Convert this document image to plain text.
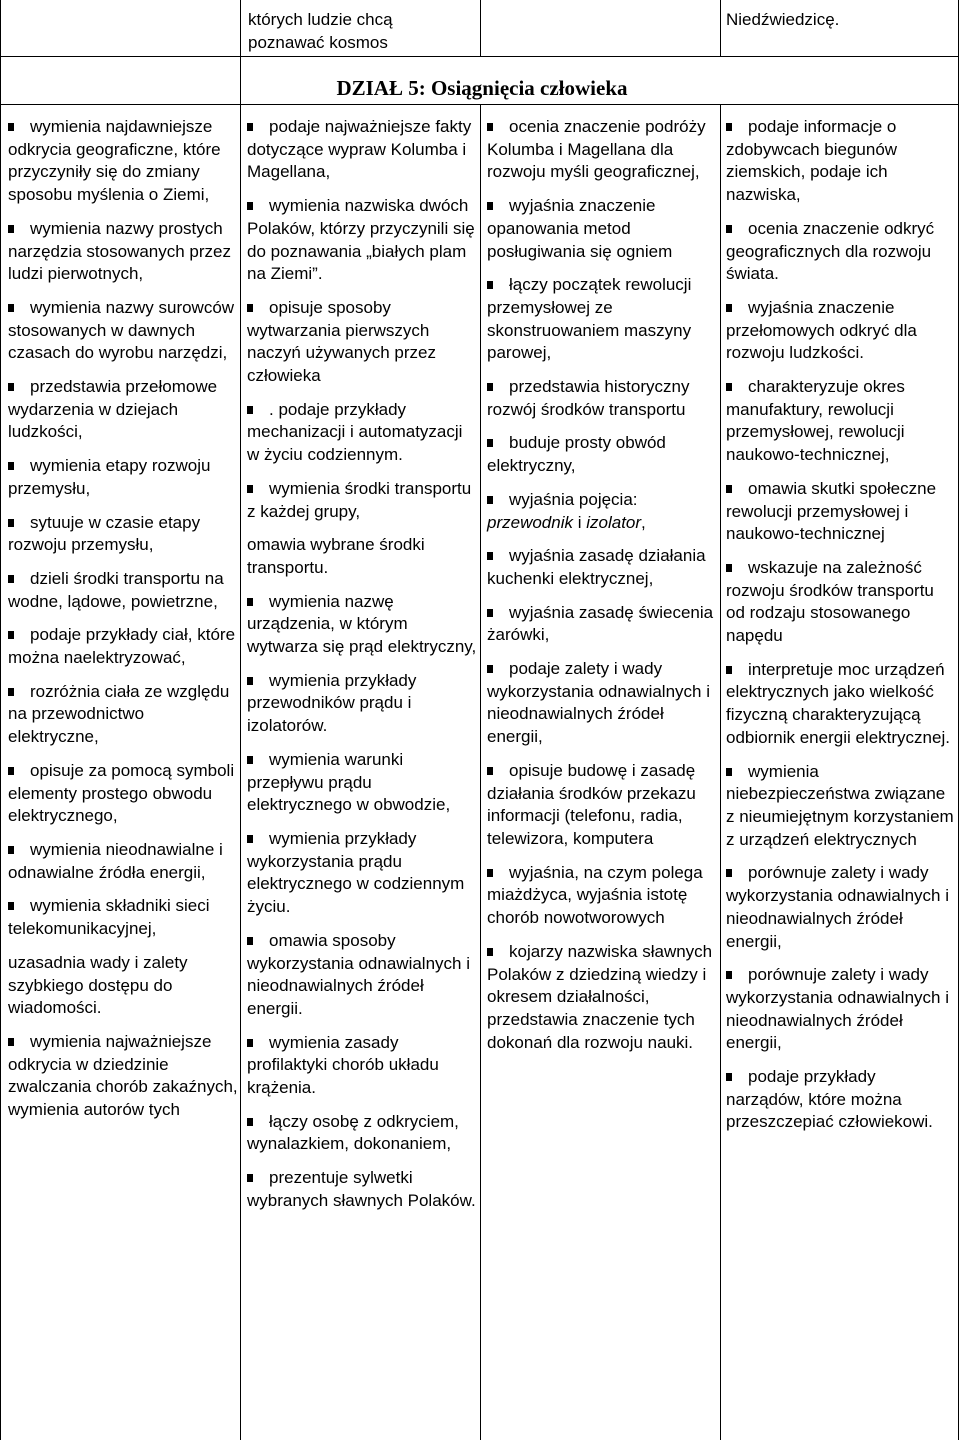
których ludzie chcą poznawać kosmos
Niedźwiedzicę.
DZIAŁ 5: Osiągnięcia człowieka
wymienia najdawniejsze odkrycia geograficzne, które przyczyniły się do zmiany sposobu myślenia o Ziemi,
wymienia nazwy prostych narzędzia stosowanych przez ludzi pierwotnych,
wymienia nazwy surowców stosowanych w dawnych czasach do wyrobu narzędzi,
przedstawia przełomowe wydarzenia w dziejach ludzkości,
wymienia etapy rozwoju przemysłu,
sytuuje w czasie etapy rozwoju przemysłu,
dzieli środki transportu na wodne, lądowe, powietrzne,
podaje przykłady ciał, które można naelektryzować,
rozróżnia ciała ze względu na przewodnictwo elektryczne,
opisuje za pomocą symboli elementy prostego obwodu elektrycznego,
wymienia nieodnawialne i odnawialne źródła energii,
wymienia składniki sieci telekomunikacyjnej,
uzasadnia wady i zalety szybkiego dostępu do wiadomości.
wymienia najważniejsze odkrycia w dziedzinie zwalczania chorób zakaźnych, wymienia autorów tych
podaje najważniejsze fakty dotyczące wypraw Kolumba i Magellana,
wymienia nazwiska dwóch Polaków, którzy przyczynili się do poznawania „białych plam na Ziemi”.
opisuje sposoby wytwarzania pierwszych naczyń używanych przez człowieka
. podaje przykłady mechanizacji i automatyzacji w życiu codziennym.
wymienia środki transportu z każdej grupy,
omawia wybrane środki transportu.
wymienia nazwę urządzenia, w którym wytwarza się prąd elektryczny,
wymienia przykłady przewodników prądu i izolatorów.
wymienia warunki przepływu prądu elektrycznego w obwodzie,
wymienia przykłady wykorzystania prądu elektrycznego w codziennym życiu.
omawia sposoby wykorzystania odnawialnych i nieodnawialnych źródeł energii.
wymienia zasady profilaktyki chorób układu krążenia.
łączy osobę z odkryciem, wynalazkiem, dokonaniem,
prezentuje sylwetki wybranych sławnych Polaków.
ocenia znaczenie podróży Kolumba i Magellana dla rozwoju myśli geograficznej,
wyjaśnia znaczenie opanowania metod posługiwania się ogniem
łączy początek rewolucji przemysłowej ze skonstruowaniem maszyny parowej,
przedstawia historyczny rozwój środków transportu
buduje prosty obwód elektryczny,
wyjaśnia pojęcia:
przewodnik i izolator,
wyjaśnia zasadę działania kuchenki elektrycznej,
wyjaśnia zasadę świecenia żarówki,
podaje zalety i wady wykorzystania odnawialnych i nieodnawialnych źródeł energii,
opisuje budowę i zasadę działania środków przekazu informacji (telefonu, radia, telewizora, komputera
wyjaśnia, na czym polega miażdżyca, wyjaśnia istotę chorób nowotworowych
kojarzy nazwiska sławnych Polaków z dziedziną wiedzy i okresem działalności, przedstawia znaczenie tych dokonań dla rozwoju nauki.
podaje informacje o zdobywcach biegunów ziemskich, podaje ich nazwiska,
ocenia znaczenie odkryć geograficznych dla rozwoju świata.
wyjaśnia znaczenie przełomowych odkryć dla rozwoju ludzkości.
charakteryzuje okres manufaktury, rewolucji przemysłowej, rewolucji naukowo-technicznej,
omawia skutki społeczne rewolucji przemysłowej i naukowo-technicznej
wskazuje na zależność rozwoju środków transportu od rodzaju stosowanego napędu
interpretuje moc urządzeń elektrycznych jako wielkość fizyczną charakteryzującą odbiornik energii elektrycznej.
wymienia niebezpieczeństwa związane z nieumiejętnym korzystaniem z urządzeń elektrycznych
porównuje zalety i wady wykorzystania odnawialnych i nieodnawialnych źródeł energii,
porównuje zalety i wady wykorzystania odnawialnych i nieodnawialnych źródeł energii,
podaje przykłady narządów, które można przeszczepiać człowiekowi.
